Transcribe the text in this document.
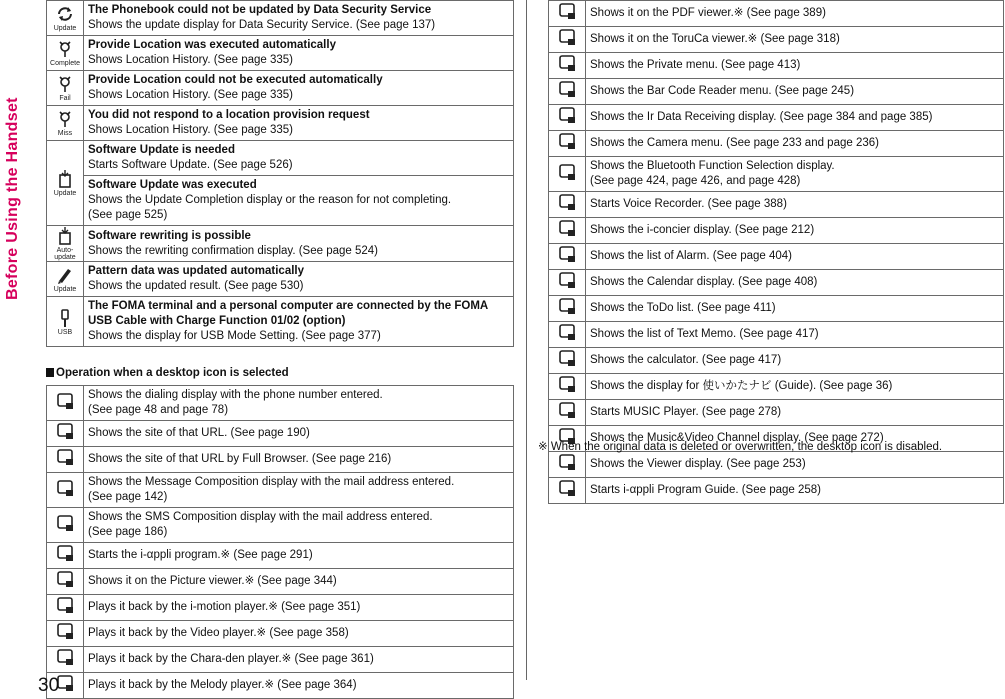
Before Using the Handset
Update	The Phonebook could not be updated by Data Security Service
Shows the update display for Data Security Service. (See page 137)

Complete	Provide Location was executed automatically
Shows Location History. (See page 335)

Fail	Provide Location could not be executed automatically
Shows Location History. (See page 335)

Miss	You did not respond to a location provision request
Shows Location History. (See page 335)

Update	Software Update is needed
Starts Software Update. (See page 526)

	Software Update was executed
Shows the Update Completion display or the reason for not completing.
(See page 525)

Auto-update	Software rewriting is possible
Shows the rewriting confirmation display. (See page 524)

Update	Pattern data was updated automatically
Shows the updated result. (See page 530)

USB	The FOMA terminal and a personal computer are connected by the FOMA USB Cable with Charge Function 01/02 (option)
Shows the display for USB Mode Setting. (See page 377)
Operation when a desktop icon is selected

Shows the dialing display with the phone number entered.
(See page 48 and page 78)

Shows the site of that URL. (See page 190)

Shows the site of that URL by Full Browser. (See page 216)

Shows the Message Composition display with the mail address entered.
(See page 142)

Shows the SMS Composition display with the mail address entered.
(See page 186)

Starts the i-αppli program.※ (See page 291)

Shows it on the Picture viewer.※ (See page 344)

Plays it back by the i-motion player.※ (See page 351)

Plays it back by the Video player.※ (See page 358)

Plays it back by the Chara-den player.※ (See page 361)

Plays it back by the Melody player.※ (See page 364)

Shows it on the PDF viewer.※ (See page 389)

Shows it on the ToruCa viewer.※ (See page 318)

Shows the Private menu. (See page 413)

Shows the Bar Code Reader menu. (See page 245)

Shows the Ir Data Receiving display. (See page 384 and page 385)

Shows the Camera menu. (See page 233 and page 236)

Shows the Bluetooth Function Selection display.
(See page 424, page 426, and page 428)

Starts Voice Recorder. (See page 388)

Shows the i-concier display. (See page 212)

Shows the list of Alarm. (See page 404)

Shows the Calendar display. (See page 408)

Shows the ToDo list. (See page 411)

Shows the list of Text Memo. (See page 417)

Shows the calculator. (See page 417)

Shows the display for 使いかたナビ (Guide). (See page 36)

Starts MUSIC Player. (See page 278)

Shows the Music&Video Channel display. (See page 272)

Shows the Viewer display. (See page 253)

Starts i-αppli Program Guide. (See page 258)
※ When the original data is deleted or overwritten, the desktop icon is disabled.
30
